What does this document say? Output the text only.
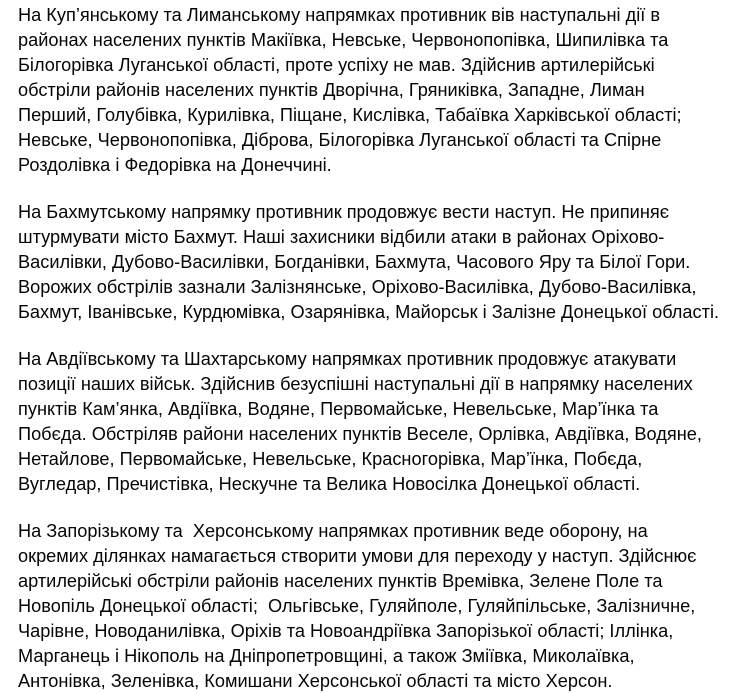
На Куп’янському та Лиманському напрямках противник вів наступальні дії в районах населених пунктів Макіївка, Невське, Червонопопівка, Шипилівка та Білогорівка Луганської області, проте успіху не мав. Здійснив артилерійські обстріли районів населених пунктів Дворічна, Гряниківка, Западне, Лиман Перший, Голубівка, Курилівка, Піщане, Кислівка, Табаївка Харківської області; Невське, Червонопопівка, Діброва, Білогорівка Луганської області та Спірне Роздолівка і Федорівка на Донеччині.

На Бахмутському напрямку противник продовжує вести наступ. Не припиняє штурмувати місто Бахмут. Наші захисники відбили атаки в районах Оріхово-Василівки, Дубово-Василівки, Богданівки, Бахмута, Часового Яру та Білої Гори. Ворожих обстрілів зазнали Залізнянське, Оріхово-Василівка, Дубово-Василівка, Бахмут, Іванівське, Курдюмівка, Озарянівка, Майорськ і Залізне Донецької області.

На Авдіївському та Шахтарському напрямках противник продовжує атакувати позиції наших військ. Здійснив безуспішні наступальні дії в напрямку населених пунктів Кам’янка, Авдіївка, Водяне, Первомайське, Невельське, Мар’їнка та Побєда. Обстріляв райони населених пунктів Веселе, Орлівка, Авдіївка, Водяне, Нетайлове, Первомайське, Невельське, Красногорівка, Мар’їнка, Побєда, Вугледар, Пречистівка, Нескучне та Велика Новосілка Донецької області.

На Запорізькому та  Херсонському напрямках противник веде оборону, на окремих ділянках намагається створити умови для переходу у наступ. Здійснює артилерійські обстріли районів населених пунктів Времівка, Зелене Поле та Новопіль Донецької області;  Ольгівське, Гуляйполе, Гуляйпільське, Залізничне, Чарівне, Новоданилівка, Оріхів та Новоандріївка Запорізької області; Іллінка, Марганець і Нікополь на Дніпропетровщині, а також Зміївка, Миколаївка, Антонівка, Зеленівка, Комишани Херсонської області та місто Херсон.
